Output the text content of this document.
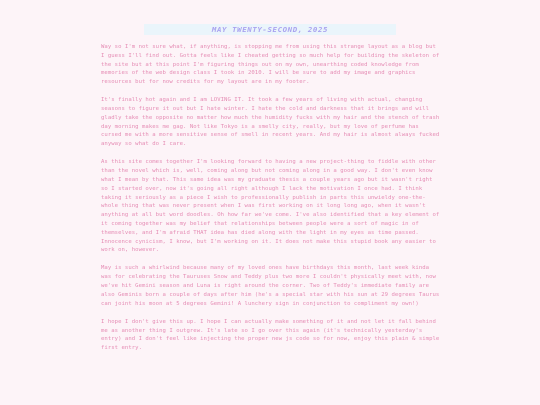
MAY TWENTY-SECOND, 2025

Way so I'm not sure what, if anything, is stopping me from using this strange layout as a blog but I guess I'll find out. Gotta feels like I cheated getting so much help for building the skeleton of the site but at this point I'm figuring things out on my own, unearthing coded knowledge from memories of the web design class I took in 2010. I will be sure to add my image and graphics resources but for now credits for my layout are in my footer.

It's finally hot again and I am LOVING IT. It took a few years of living with actual, changing seasons to figure it out but I hate winter. I hate the cold and darkness that it brings and will gladly take the opposite no matter how much the humidity fucks with my hair and the stench of trash day morning makes me gag. Not like Tokyo is a smelly city, really, but my love of perfume has cursed me with a more sensitive sense of smell in recent years. And my hair is almost always fucked anyway so what do I care.

As this site comes together I'm looking forward to having a new project-thing to fiddle with other than the novel which is, well, coming along but not coming along in a good way. I don't even know what I mean by that. This same idea was my graduate thesis a couple years ago but it wasn't right so I started over, now it's going all right although I lack the motivation I once had. I think taking it seriously as a piece I wish to professionally publish in parts this unwieldy one-the-whole thing that was never present when I was first working on it long long ago, when it wasn't anything at all but word doodles. Oh how far we've come. I've also identified that a key element of it coming together was my belief that relationships between people were a sort of magic in of themselves, and I'm afraid THAT idea has died along with the light in my eyes as time passed. Innocence cynicism, I know, but I'm working on it. It does not make this stupid book any easier to work on, however.

May is such a whirlwind because many of my loved ones have birthdays this month, last week kinda was for celebrating the Tauruses Snow and Teddy plus two more I couldn't physically meet with, now we've hit Gemini season and Luna is right around the corner. Two of Teddy's immediate family are also Geminis born a couple of days after him (he's a special star with his sun at 29 degrees Taurus can joint his moon at 5 degrees Gemini! A lunchery sign in conjunction to compliment my own!)

I hope I don't give this up. I hope I can actually make something of it and not let it fall behind me as another thing I outgrew. It's late so I go over this again (it's technically yesterday's entry) and I don't feel like injecting the proper new js code so for now, enjoy this plain & simple first entry.
